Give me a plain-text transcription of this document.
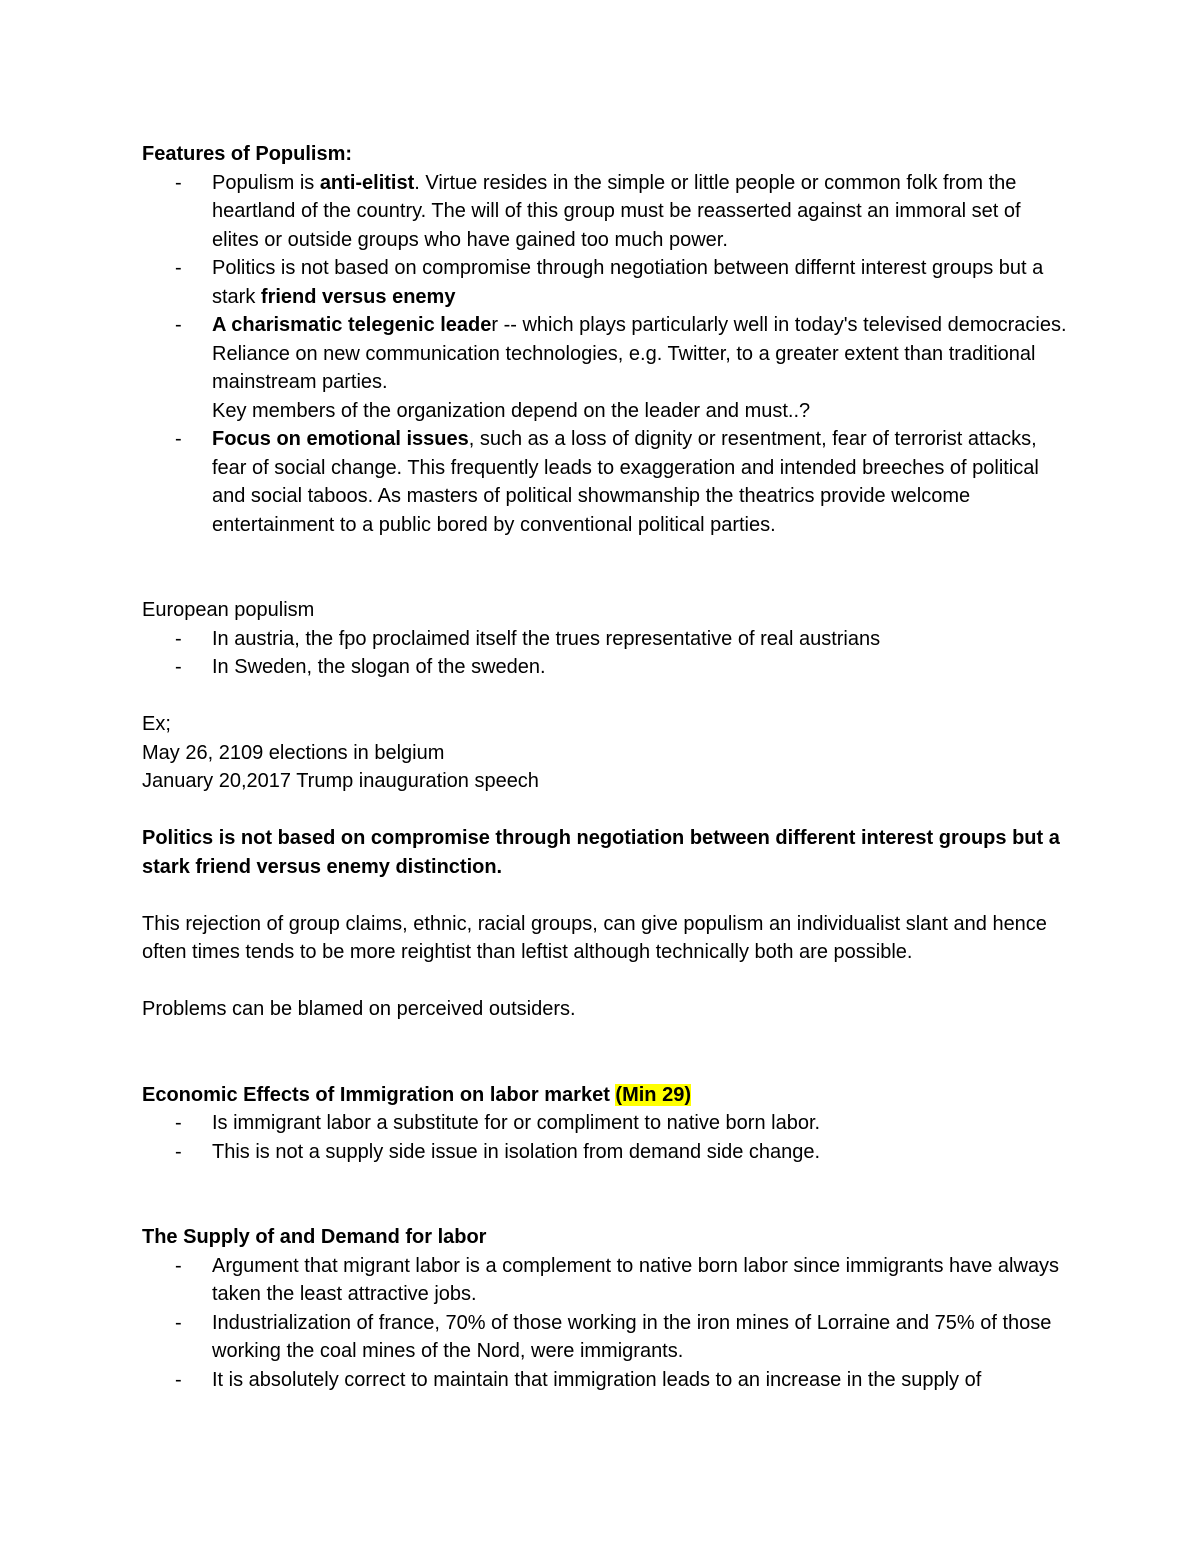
Features of Populism:

- Populism is anti-elitist. Virtue resides in the simple or little people or common folk from the heartland of the country. The will of this group must be reasserted against an immoral set of elites or outside groups who have gained too much power.
- Politics is not based on compromise through negotiation between differnt interest groups but a stark friend versus enemy
- A charismatic telegenic leader -- which plays particularly well in today's televised democracies. Reliance on new communication technologies, e.g. Twitter, to a greater extent than traditional mainstream parties.
Key members of the organization depend on the leader and must..?
- Focus on emotional issues, such as a loss of dignity or resentment, fear of terrorist attacks, fear of social change. This frequently leads to exaggeration and intended breeches of political and social taboos. As masters of political showmanship the theatrics provide welcome entertainment to a public bored by conventional political parties.

European populism

- In austria, the fpo proclaimed itself the trues representative of real austrians
- In Sweden, the slogan of the sweden.

Ex;

May 26, 2109 elections in belgium

January 20,2017 Trump inauguration speech

Politics is not based on compromise through negotiation between different interest groups but a stark friend versus enemy distinction.

This rejection of group claims, ethnic, racial groups, can give populism an individualist slant and hence often times tends to be more reightist than leftist although technically both are possible.

Problems can be blamed on perceived outsiders.

Economic Effects of Immigration on labor market (Min 29)

- Is immigrant labor a substitute for or compliment to native born labor.
- This is not a supply side issue in isolation from demand side change.

The Supply of and Demand for labor

- Argument that migrant labor is a complement to native born labor since immigrants have always taken the least attractive jobs.
- Industrialization of france, 70% of those working in the iron mines of Lorraine and 75% of those working the coal mines of the Nord, were immigrants.
- It is absolutely correct to maintain that immigration leads to an increase in the supply of
